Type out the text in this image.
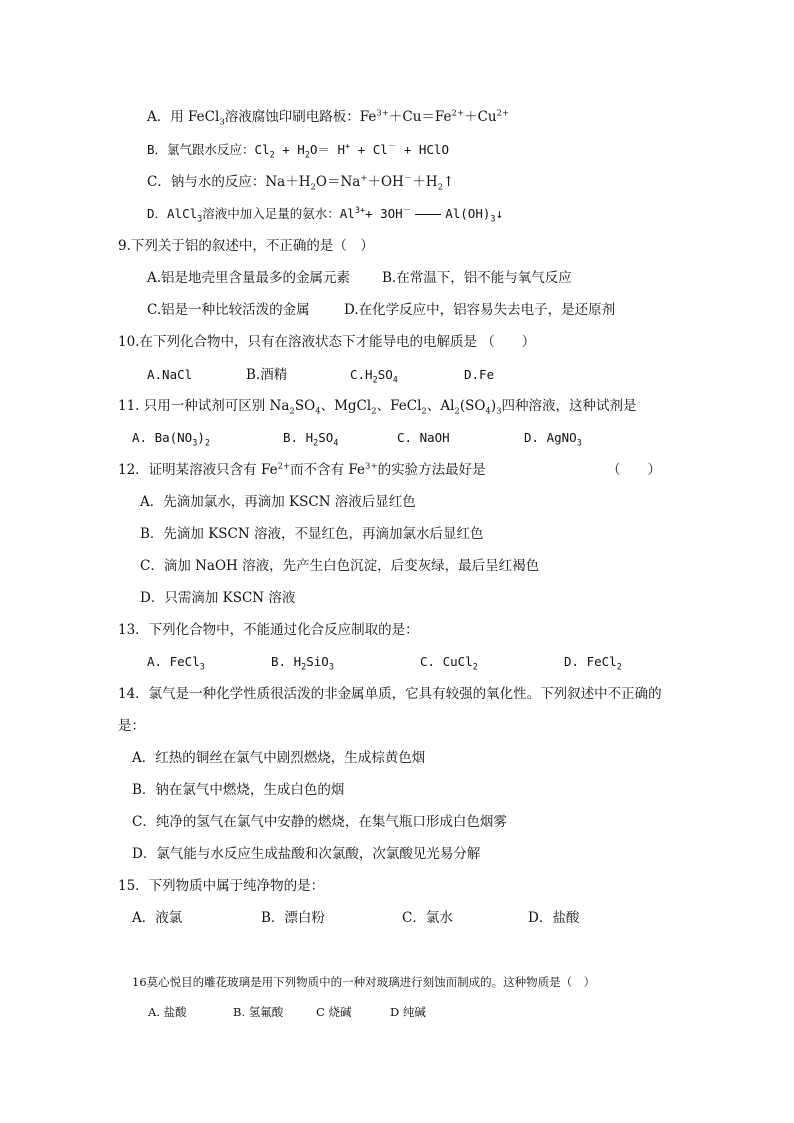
A．用 FeCl$_3$溶液腐蚀印刷电路板：$Fe^{3+}+Cu=Fe^{2+}+Cu^{2+}$
B．氯气跟水反应：$Cl_2 + H_2O= H^+ + Cl^-$ + HClO
C．钠与水的反应：$Na+H_2O=Na^++OH^-+H_2↑$
D．AlCl$_3$溶液中加入足量的氨水：$Al^{3+}+ 3OH^-$	$Al(OH)_3↓$
9.下列关于铝的叙述中，不正确的是（　）
A.铝是地壳里含量最多的金属元素 B.在常温下，铝不能与氧气反应
C.铝是一种比较活泼的金属	D.在化学反应中，铝容易失去电子，是还原剂
10.在下列化合物中，只有在溶液状态下才能导电的电解质是 （　　）
A.NaCl	B.酒精	$C.H_2SO_4$	D.Fe
11. 只用一种试剂可区别 $Na_2SO_4$、MgCl$_2$、FeCl$_2$、$Al_2(SO_4)_3$四种溶液，这种试剂是
A. $Ba(NO_3)_2$	B. $H_2SO_4$	C. NaOH	D. AgNO$_3$
12．证明某溶液只含有 $Fe^{2+}$而不含有 $Fe^{3+}$的实验方法最好是	（　　）
A．先滴加氯水，再滴加 KSCN 溶液后显红色
B．先滴加 KSCN 溶液，不显红色，再滴加氯水后显红色
C．滴加 NaOH 溶液，先产生白色沉淀，后变灰绿，最后呈红褐色
D．只需滴加 KSCN 溶液
13．下列化合物中，不能通过化合反应制取的是：
A. FeCl$_3$	B. $H_2SiO_3$	C. CuCl$_2$	D. FeCl$_2$
14．氯气是一种化学性质很活泼的非金属单质，它具有较强的氧化性。下列叙述中不正确的
是：
A．红热的铜丝在氯气中剧烈燃烧，生成棕黄色烟
B．钠在氯气中燃烧，生成白色的烟
C．纯净的氢气在氯气中安静的燃烧，在集气瓶口形成白色烟雾
D．氯气能与水反应生成盐酸和次氯酸，次氯酸见光易分解
15．下列物质中属于纯净物的是：
A．液氯	B．漂白粉	C．氯水	D．盐酸
16莫心悦目的雕花玻璃是用下列物质中的一种对玻璃进行刻蚀而制成的。这种物质是（　）
A. 盐酸	B. 氢氟酸	C 烧碱	D 纯碱
